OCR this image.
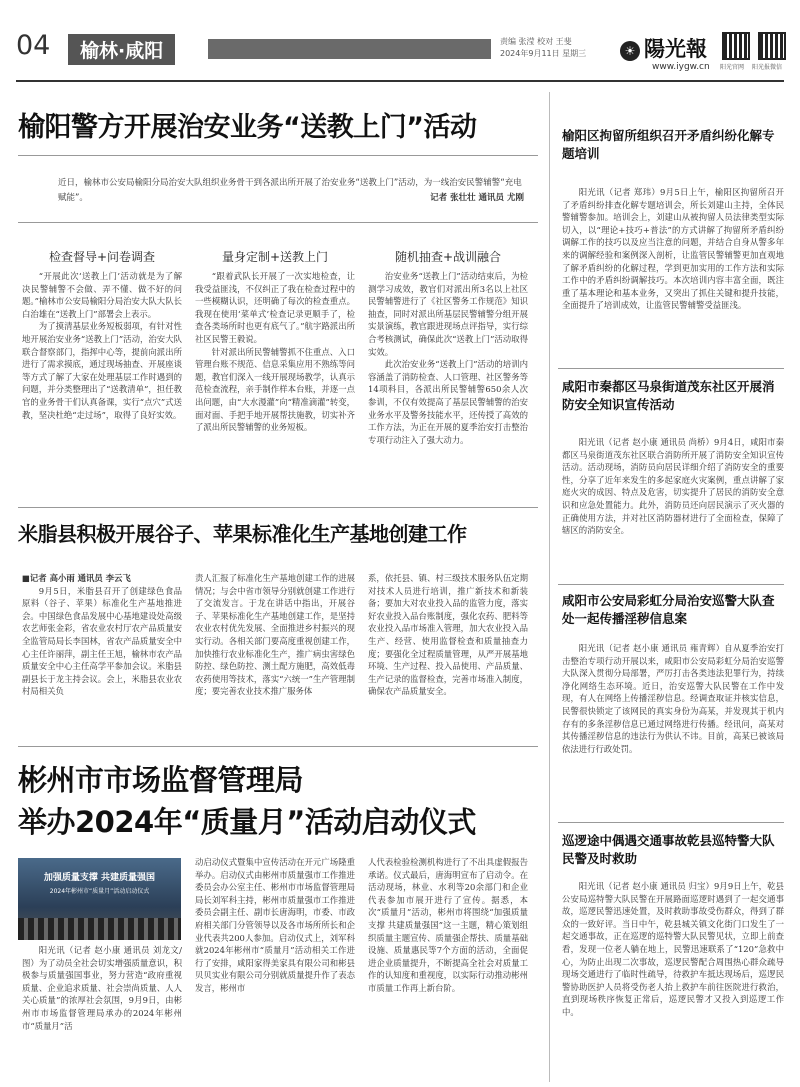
04	榆林·咸阳	责编 张滢 校对 王斐
2024年9月11日 星期三	☀ 陽光報
www.iygw.cn 阳光官网 阳光报微信
榆阳警方开展治安业务“送教上门”活动
近日，榆林市公安局榆阳分局治安大队组织业务骨干到各派出所开展了治安业务“送教上门”活动，为一线治安民警辅警“充电赋能”。	记者 张壮壮 通讯员 尤刚
检查督导+问卷调查	量身定制+送教上门	随机抽查+战训融合

“开展此次‘送教上门’活动就是为了解决民警辅警不会做、弄不懂、做不好的问题。”榆林市公安局榆阳分局治安大队大队长白治雄在“送教上门”部署会上表示。

为了摸清基层业务短板弱项，有针对性地开展治安业务“送教上门”活动，治安大队联合督察部门，指挥中心等，提前向派出所进行了需求摸底，通过现场抽查、开展座谈等方式了解了大家在处理基层工作时遇到的问题，并分类整理出了“送教清单”，担任教官的业务骨干们认真备课，实行“点穴”式送教，坚决杜绝“走过场”，取得了良好实效。

“跟着武队长开展了一次实地检查，让我受益匪浅，不仅纠正了我在检查过程中的一些模糊认识，还明确了每次的检查重点。我现在使用‘菜单式’检查记录更顺手了，检查各类场所时也更有底气了。”航宇路派出所社区民警王毅说。

针对派出所民警辅警抓不住重点、入口管理台账不规范、信息采集应用不熟练等问题，教官们深入一线开展现场教学，认真示范检查流程，亲手制作样本台账，并逐一点出问题，由“大水漫灌”向“精准滴灌”转变，面对面、手把手地开展帮扶施教，切实补齐了派出所民警辅警的业务短板。

治安业务“送教上门”活动结束后，为检测学习成效，教官们对派出所3名以上社区民警辅警进行了《社区警务工作规范》知识抽查，同时对派出所基层民警辅警分组开展实景演练，教官跟进现场点评指导，实行综合考核测试，确保此次“送教上门”活动取得实效。

此次治安业务“送教上门”活动的培训内容涵盖了消防检查、人口管理、社区警务等14项科目，各派出所民警辅警650余人次参训，不仅有效提高了基层民警辅警的治安业务水平及警务技能水平，还传授了高效的工作方法，为正在开展的夏季治安打击整治专项行动注入了强大动力。

米脂县积极开展谷子、苹果标准化生产基地创建工作
■记者 高小雨 通讯员 李云飞

9月5日，米脂县召开了创建绿色食品原料（谷子、苹果）标准化生产基地推进会。中国绿色食品发展中心基地建设处高级农艺师张金彩，省农业农村厅农产品质量安全监管局局长李国林，省农产品质量安全中心主任许丽萍，副主任王旭，榆林市农产品质量安全中心主任高学平参加会议。米脂县副县长于龙主持会议。会上，米脂县农业农村局相关负

责人汇报了标准化生产基地创建工作的进展情况；与会中省市领导分别就创建工作进行了交流发言。于龙在讲话中指出，开展谷子、苹果标准化生产基地创建工作，是坚持农业农村优先发展、全面推进乡村振兴的现实行动。各相关部门要高度重视创建工作，加快推行农业标准化生产，推广病虫害绿色防控、绿色防控、测土配方施肥，高效低毒农药使用等技术，落实“六统一”生产管理制度；要完善农业技术推广服务体

系，依托县、镇、村三级技术服务队伍定期对技术人员进行培训，推广新技术和新装备；要加大对农业投入品的监管力度，落实好农业投入品台账制度，强化农药、肥料等农业投入品市场准入管理，加大农业投入品生产、经营、使用监督检查和质量抽查力度；要强化全过程质量管理，从严开展基地环境、生产过程、投入品使用、产品质量、生产记录的监督检查，完善市场准入制度，确保农产品质量安全。

彬州市市场监督管理局
举办2024年“质量月”活动启动仪式
加强质量支撑 共建质量强国
2024年彬州市“质量月”活动启动仪式

阳光讯（记者 赵小康 通讯员 刘龙文/图）为了动员全社会切实增强质量意识，积极参与质量强国事业，努力营造“政府重视质量、企业追求质量、社会崇尚质量、人人关心质量”的浓厚社会氛围，9月9日，由彬州市市场监督管理局承办的2024年彬州市“质量月”活

动启动仪式暨集中宣传活动在开元广场隆重举办。启动仪式由彬州市质量强市工作推进委员会办公室主任、彬州市市场监督管理局局长刘军科主持，彬州市质量强市工作推进委员会副主任、副市长唐海明，市委、市政府相关部门分管领导以及各市场所所长和企业代表共200人参加。启动仪式上，刘军科就2024年彬州市“质量月”活动相关工作进行了安排，咸阳家得美家具有限公司和彬县贝贝实业有限公司分别就质量提升作了表态发言，彬州市

人代表检验检测机构进行了不出具虚假报告承诺。仪式最后，唐海明宣布了启动令。在活动现场，林业、水利等20余部门和企业代表参加市展开进行了宣传。据悉，本次“质量月”活动，彬州市将围绕“加强质量支撑 共建质量强国”这一主题，精心策划组织质量主题宣传、质量强企帮扶、质量基础设施、质量惠民等7个方面的活动，全面促进企业质量提升，不断提高全社会对质量工作的认知度和重视度，以实际行动推动彬州市质量工作再上新台阶。

榆阳区拘留所组织召开矛盾纠纷化解专题培训

阳光讯（记者 郑玮）9月5日上午，榆阳区拘留所召开了矛盾纠纷排查化解专题培训会，所长刘建山主持，全体民警辅警参加。培训会上，刘建山从被拘留人员法律类型实际切入，以“理论+技巧+普法”的方式讲解了拘留所矛盾纠纷调解工作的技巧以及应当注意的问题，并结合自身从警多年来的调解经验和案例深入剖析，让监管民警辅警更加直观地了解矛盾纠纷的化解过程，学到更加实用的工作方法和实际工作中的矛盾纠纷调解技巧。本次培训内容丰富全面，既注重了基本理论和基本业务，又突出了抓住关键和提升技能，全面提升了培训成效，让监管民警辅警受益匪浅。

咸阳市秦都区马泉街道茂东社区开展消防安全知识宣传活动

阳光讯（记者 赵小康 通讯员 尚桥）9月4日，咸阳市秦都区马泉街道茂东社区联合消防所开展了消防安全知识宣传活动。活动现场，消防员向居民详细介绍了消防安全的重要性，分享了近年来发生的多起家庭火灾案例，重点讲解了家庭火灾的成因、特点及危害，切实提升了居民的消防安全意识和应急处置能力。此外，消防员还向居民演示了灭火器的正确使用方法，并对社区消防器材进行了全面检查，保障了辖区的消防安全。

咸阳市公安局彩虹分局治安巡警大队查处一起传播淫秽信息案

阳光讯（记者 赵小康 通讯员 雍青辉）自从夏季治安打击整治专项行动开展以来，咸阳市公安局彩虹分局治安巡警大队深入贯彻分局部署，严厉打击各类违法犯罪行为，持续净化网络生态环境。近日，治安巡警大队民警在工作中发现，有人在网络上传播淫秽信息。经调查取证并核实信息，民警很快锁定了该网民的真实身份为高某，并发现其于机内存有的多条淫秽信息已通过网络进行传播。经讯问，高某对其传播淫秽信息的违法行为供认不讳。目前，高某已被该局依法进行行政处罚。

巡逻途中偶遇交通事故乾县巡特警大队民警及时救助

阳光讯（记者 赵小康 通讯员 归宝）9月9日上午，乾县公安局巡特警大队民警在开展路面巡逻时遇到了一起交通事故，巡逻民警迅速处置，及时救助事故受伤群众，得到了群众的一致好评。当日中午，乾县城关镇文化街门口发生了一起交通事故，正在巡逻的巡特警大队民警见状，立即上前查看，发现一位老人躺在地上，民警迅速联系了“120”急救中心，为防止出现二次事故，巡逻民警配合周围热心群众疏导现场交通进行了临时性疏导，待救护车抵达现场后，巡逻民警协助医护人员将受伤老人抬上救护车前往医院进行救治，直到现场秩序恢复正常后，巡逻民警才又投入到巡逻工作中。
